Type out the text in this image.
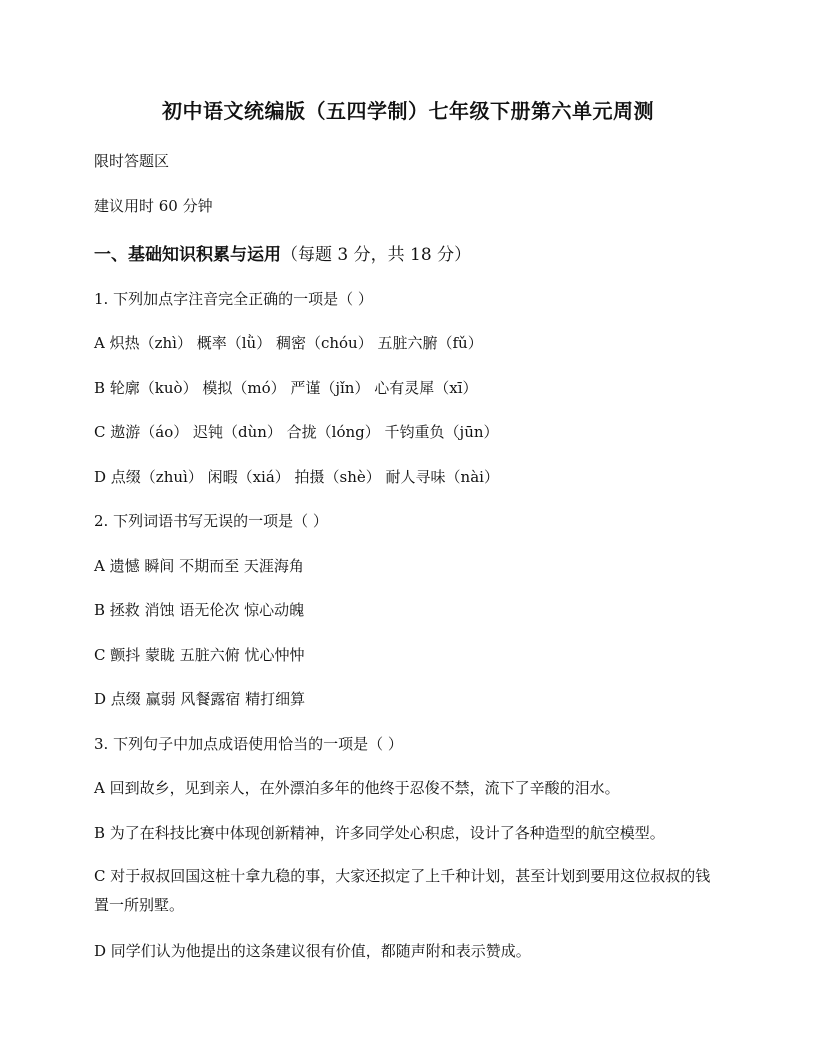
初中语文统编版（五四学制）七年级下册第六单元周测
限时答题区
建议用时 60 分钟
一、基础知识积累与运用（每题 3 分，共 18 分）
1. 下列加点字注音完全正确的一项是（ ）
A 炽热（zhì） 概率（lǜ） 稠密（chóu） 五脏六腑（fǔ）
B 轮廓（kuò） 模拟（mó） 严谨（jǐn） 心有灵犀（xī）
C 遨游（áo） 迟钝（dùn） 合拢（lóng） 千钧重负（jūn）
D 点缀（zhuì） 闲暇（xiá） 拍摄（shè） 耐人寻味（nài）
2. 下列词语书写无误的一项是（ ）
A 遗憾 瞬间 不期而至 天涯海角
B 拯救 消蚀 语无伦次 惊心动魄
C 颤抖 蒙眬 五脏六俯 忧心忡忡
D 点缀 赢弱 风餐露宿 精打细算
3. 下列句子中加点成语使用恰当的一项是（ ）
A 回到故乡，见到亲人，在外漂泊多年的他终于忍俊不禁，流下了辛酸的泪水。
B 为了在科技比赛中体现创新精神，许多同学处心积虑，设计了各种造型的航空模型。
C 对于叔叔回国这桩十拿九稳的事，大家还拟定了上千种计划，甚至计划到要用这位叔叔的钱置一所别墅。
D 同学们认为他提出的这条建议很有价值，都随声附和表示赞成。
